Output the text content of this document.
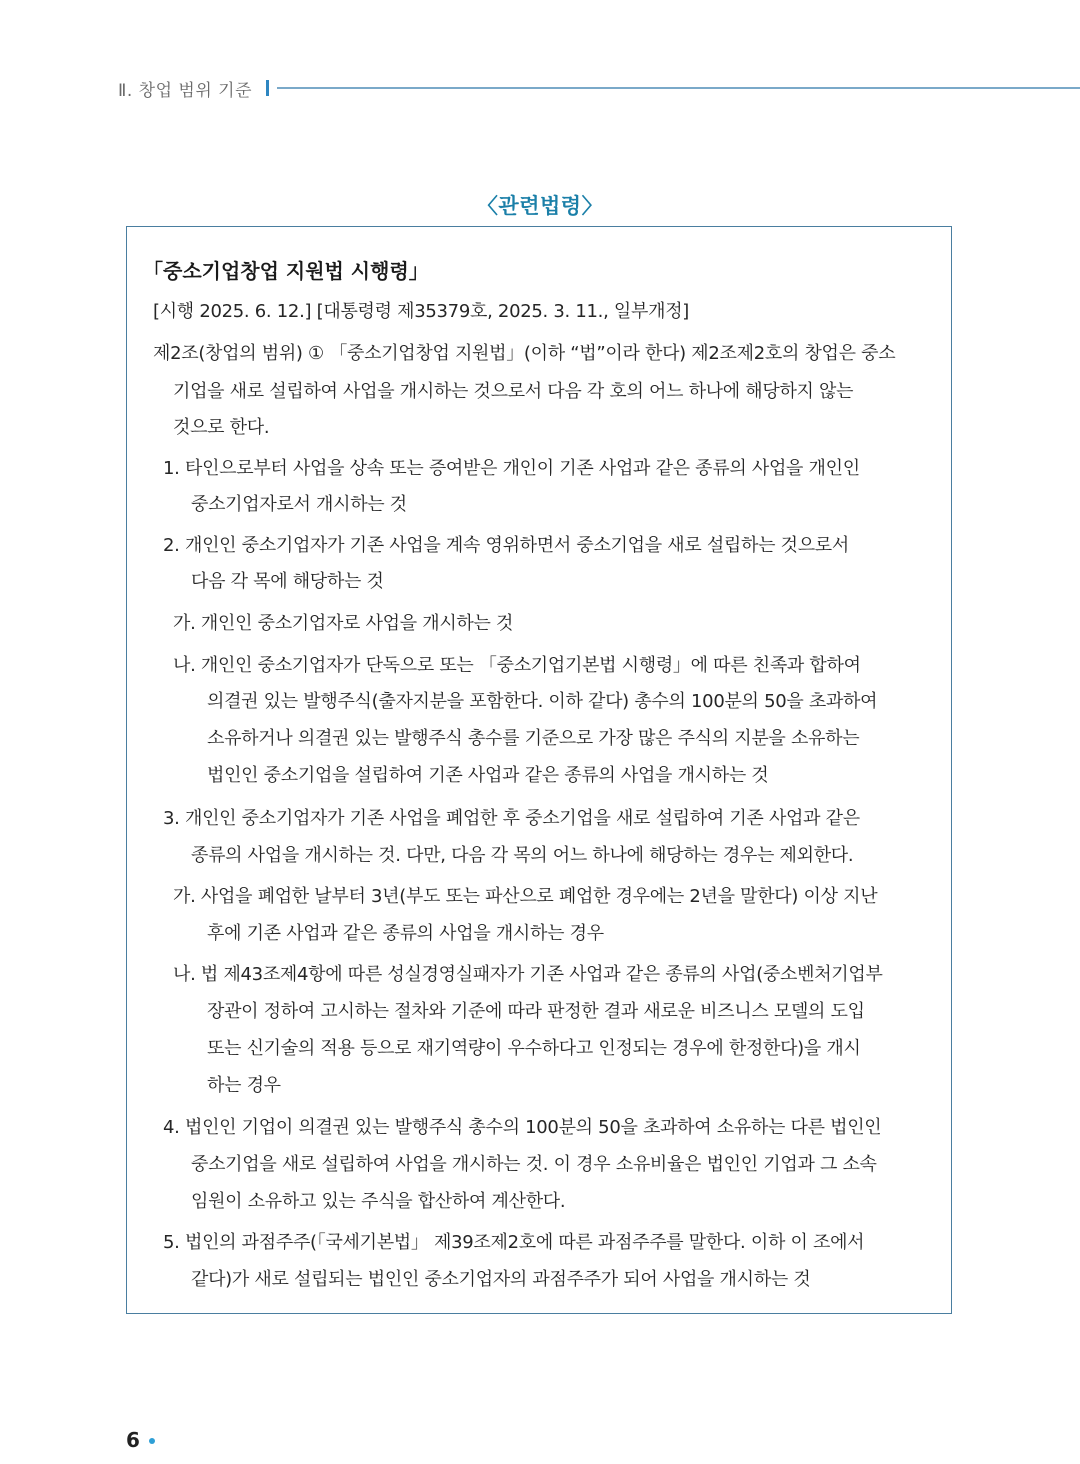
Ⅱ. 창업 범위 기준
〈관련법령〉
「중소기업창업 지원법 시행령」
[시행 2025. 6. 12.] [대통령령 제35379호, 2025. 3. 11., 일부개정]
제2조(창업의 범위) ① 「중소기업창업 지원법」(이하 “법”이라 한다) 제2조제2호의 창업은 중소
기업을 새로 설립하여 사업을 개시하는 것으로서 다음 각 호의 어느 하나에 해당하지 않는
것으로 한다.
1. 타인으로부터 사업을 상속 또는 증여받은 개인이 기존 사업과 같은 종류의 사업을 개인인
중소기업자로서 개시하는 것
2. 개인인 중소기업자가 기존 사업을 계속 영위하면서 중소기업을 새로 설립하는 것으로서
다음 각 목에 해당하는 것
가. 개인인 중소기업자로 사업을 개시하는 것
나. 개인인 중소기업자가 단독으로 또는 「중소기업기본법 시행령」에 따른 친족과 합하여
의결권 있는 발행주식(출자지분을 포함한다. 이하 같다) 총수의 100분의 50을 초과하여
소유하거나 의결권 있는 발행주식 총수를 기준으로 가장 많은 주식의 지분을 소유하는
법인인 중소기업을 설립하여 기존 사업과 같은 종류의 사업을 개시하는 것
3. 개인인 중소기업자가 기존 사업을 폐업한 후 중소기업을 새로 설립하여 기존 사업과 같은
종류의 사업을 개시하는 것. 다만, 다음 각 목의 어느 하나에 해당하는 경우는 제외한다.
가. 사업을 폐업한 날부터 3년(부도 또는 파산으로 폐업한 경우에는 2년을 말한다) 이상 지난
후에 기존 사업과 같은 종류의 사업을 개시하는 경우
나. 법 제43조제4항에 따른 성실경영실패자가 기존 사업과 같은 종류의 사업(중소벤처기업부
장관이 정하여 고시하는 절차와 기준에 따라 판정한 결과 새로운 비즈니스 모델의 도입
또는 신기술의 적용 등으로 재기역량이 우수하다고 인정되는 경우에 한정한다)을 개시
하는 경우
4. 법인인 기업이 의결권 있는 발행주식 총수의 100분의 50을 초과하여 소유하는 다른 법인인
중소기업을 새로 설립하여 사업을 개시하는 것. 이 경우 소유비율은 법인인 기업과 그 소속
임원이 소유하고 있는 주식을 합산하여 계산한다.
5. 법인의 과점주주(「국세기본법」 제39조제2호에 따른 과점주주를 말한다. 이하 이 조에서
같다)가 새로 설립되는 법인인 중소기업자의 과점주주가 되어 사업을 개시하는 것
6
